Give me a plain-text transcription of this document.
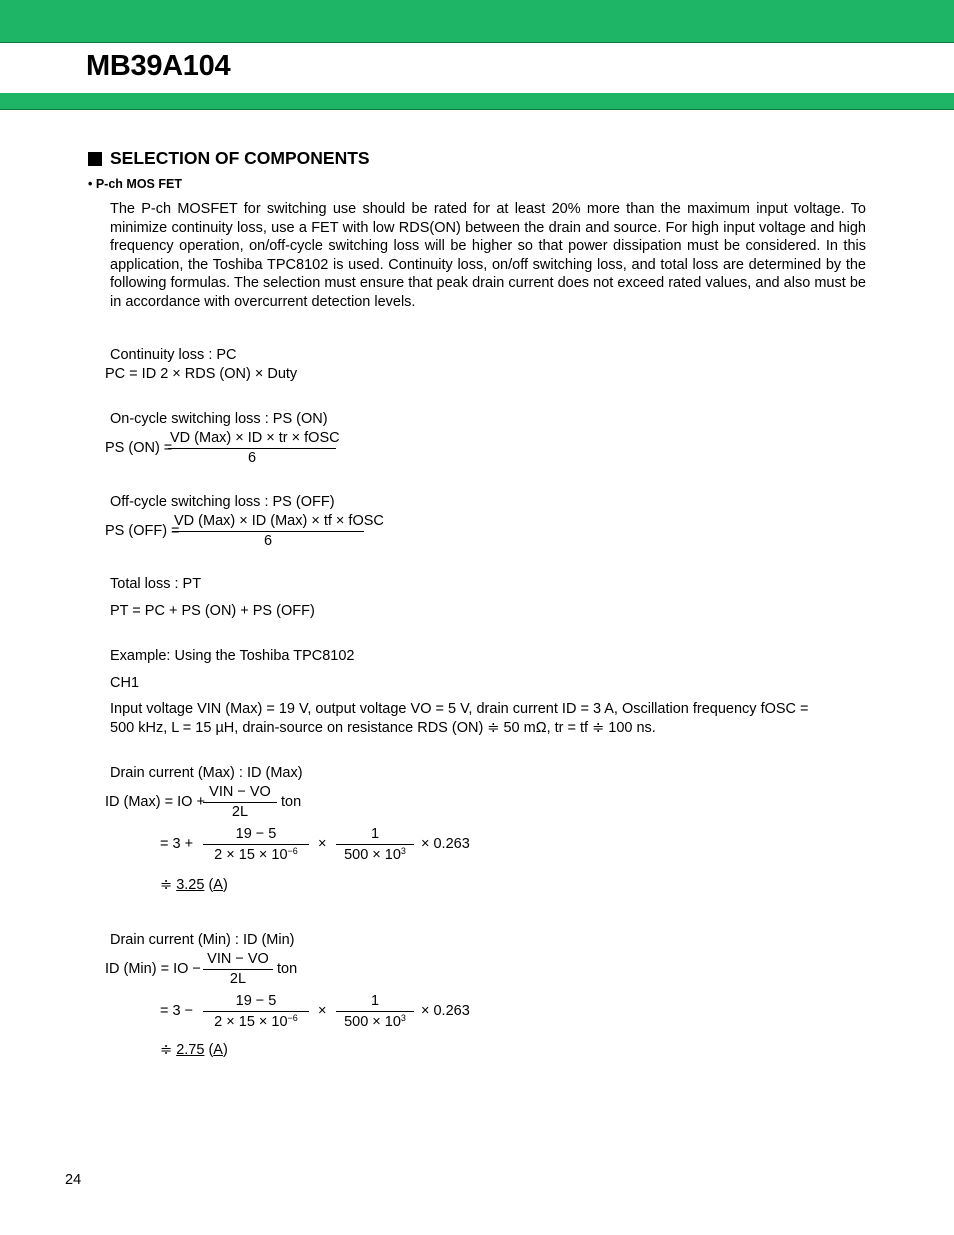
MB39A104
SELECTION OF COMPONENTS
• P-ch MOS FET

The P-ch MOSFET for switching use should be rated for at least 20% more than the maximum input voltage. To minimize continuity loss, use a FET with low RDS(ON) between the drain and source. For high input voltage and high frequency operation, on/off-cycle switching loss will be higher so that power dissipation must be considered. In this application, the Toshiba TPC8102 is used. Continuity loss, on/off switching loss, and total loss are determined by the following formulas. The selection must ensure that peak drain current does not exceed rated values, and also must be in accordance with overcurrent detection levels.

Continuity loss : PC
PC = ID 2 × RDS (ON) × Duty
On-cycle switching loss : PS (ON)
PS (ON) =
VD (Max) × ID × tr × fOSC
6
Off-cycle switching loss : PS (OFF)
PS (OFF) =
VD (Max) × ID (Max) × tf × fOSC
6
Total loss : PT
PT = PC + PS (ON) + PS (OFF)
Example: Using the Toshiba TPC8102
CH1
Input voltage VIN (Max) = 19 V, output voltage VO = 5 V, drain current ID = 3 A, Oscillation frequency fOSC =
500 kHz, L = 15 µH, drain-source on resistance RDS (ON) ≑ 50 mΩ, tr = tf ≑ 100 ns.
Drain current (Max) : ID (Max)
ID (Max) = IO +
VIN − VO
2L
ton
= $3 + \frac{19 - 5}{2 \times 15 \times 10^{-6}} \times \frac{1}{500 \times 10^3} \times 0.263$
≑ 3.25 (A)
Drain current (Min) : ID (Min)
ID (Min) = IO −
VIN − VO
2L
ton
= $3 - \frac{19 - 5}{2 \times 15 \times 10^{-6}} \times \frac{1}{500 \times 10^3} \times 0.263$
≑ 2.75 (A)
24
